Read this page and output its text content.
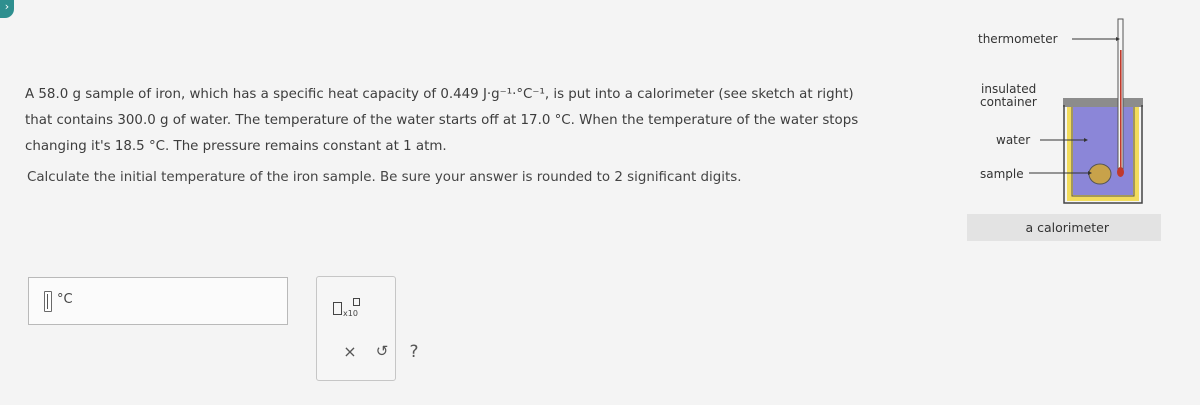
›

A 58.0 g sample of iron, which has a specific heat capacity of 0.449 J·g⁻¹·°C⁻¹, is put into a calorimeter (see sketch at right)

that contains 300.0 g of water. The temperature of the water starts off at 17.0 °C. When the temperature of the water stops

changing it's 18.5 °C. The pressure remains constant at 1 atm.

Calculate the initial temperature of the iron sample. Be sure your answer is rounded to 2 significant digits.
°C
x10
× ↺ ?
thermometer
insulated
container
water
sample
a calorimeter
